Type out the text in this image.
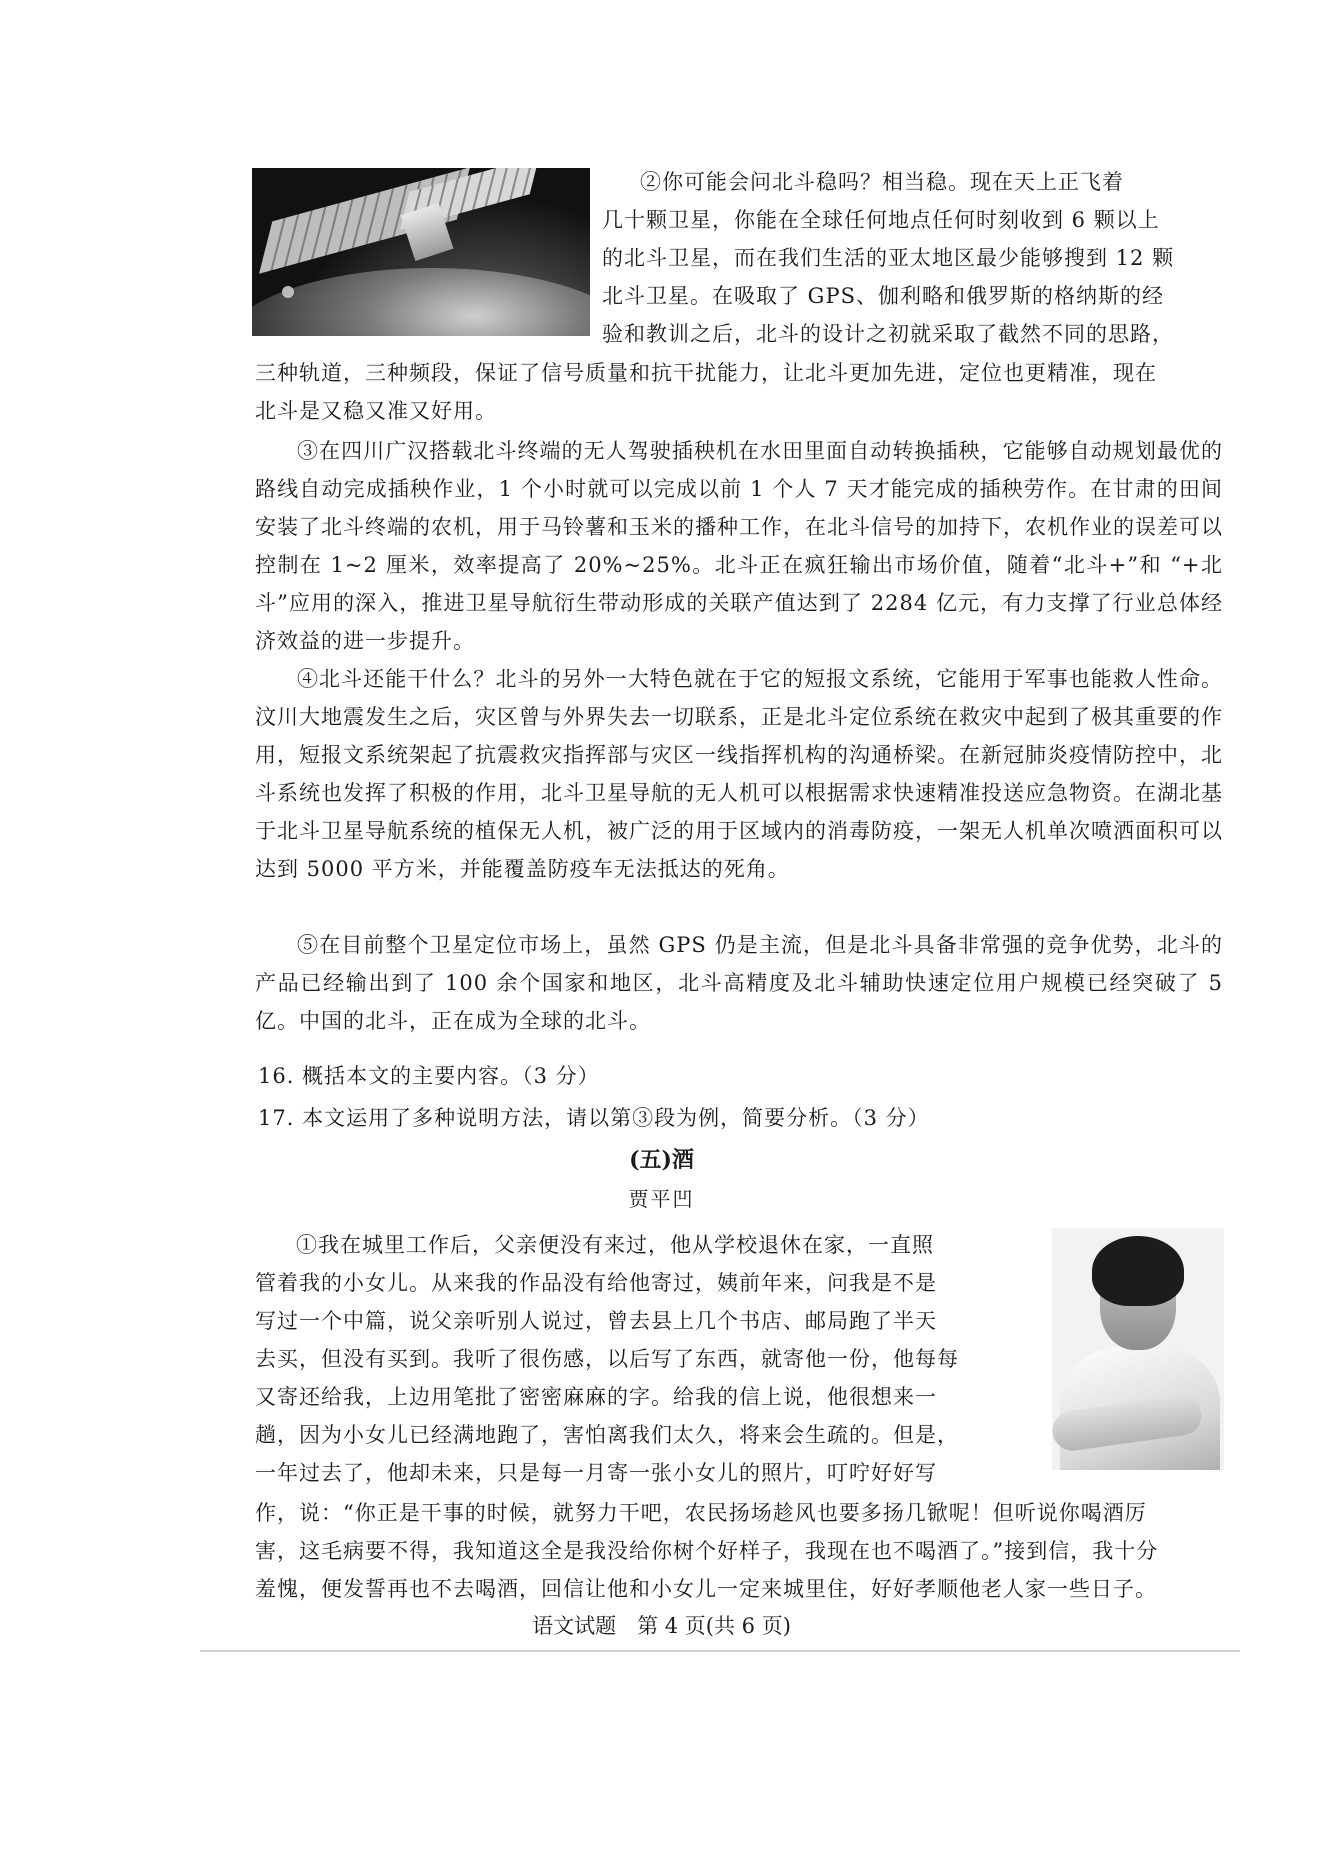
②你可能会问北斗稳吗？相当稳。现在天上正飞着
几十颗卫星，你能在全球任何地点任何时刻收到 6 颗以上
的北斗卫星，而在我们生活的亚太地区最少能够搜到 12 颗
北斗卫星。在吸取了 GPS、伽利略和俄罗斯的格纳斯的经
验和教训之后，北斗的设计之初就采取了截然不同的思路，
三种轨道，三种频段，保证了信号质量和抗干扰能力，让北斗更加先进，定位也更精准，现在
北斗是又稳又准又好用。

③在四川广汉搭载北斗终端的无人驾驶插秧机在水田里面自动转换插秧，它能够自动规划最优的路线自动完成插秧作业，1 个小时就可以完成以前 1 个人 7 天才能完成的插秧劳作。在甘肃的田间安装了北斗终端的农机，用于马铃薯和玉米的播种工作，在北斗信号的加持下，农机作业的误差可以控制在 1~2 厘米，效率提高了 20%~25%。北斗正在疯狂输出市场价值，随着“北斗+”和 “+北斗”应用的深入，推进卫星导航衍生带动形成的关联产值达到了 2284 亿元，有力支撑了行业总体经济效益的进一步提升。

④北斗还能干什么？北斗的另外一大特色就在于它的短报文系统，它能用于军事也能救人性命。汶川大地震发生之后，灾区曾与外界失去一切联系，正是北斗定位系统在救灾中起到了极其重要的作用，短报文系统架起了抗震救灾指挥部与灾区一线指挥机构的沟通桥梁。在新冠肺炎疫情防控中，北斗系统也发挥了积极的作用，北斗卫星导航的无人机可以根据需求快速精准投送应急物资。在湖北基于北斗卫星导航系统的植保无人机，被广泛的用于区域内的消毒防疫，一架无人机单次喷洒面积可以达到 5000 平方米，并能覆盖防疫车无法抵达的死角。

⑤在目前整个卫星定位市场上，虽然 GPS 仍是主流，但是北斗具备非常强的竞争优势，北斗的产品已经输出到了 100 余个国家和地区，北斗高精度及北斗辅助快速定位用户规模已经突破了 5 亿。中国的北斗，正在成为全球的北斗。

16. 概括本文的主要内容。（3 分）
17. 本文运用了多种说明方法，请以第③段为例，简要分析。（3 分）
(五)酒
贾平凹
①我在城里工作后，父亲便没有来过，他从学校退休在家，一直照
管着我的小女儿。从来我的作品没有给他寄过，姨前年来，问我是不是
写过一个中篇，说父亲听别人说过，曾去县上几个书店、邮局跑了半天
去买，但没有买到。我听了很伤感，以后写了东西，就寄他一份，他每每
又寄还给我，上边用笔批了密密麻麻的字。给我的信上说，他很想来一
趟，因为小女儿已经满地跑了，害怕离我们太久，将来会生疏的。但是，
一年过去了，他却未来，只是每一月寄一张小女儿的照片，叮咛好好写
作，说：“你正是干事的时候，就努力干吧，农民扬场趁风也要多扬几锨呢！但听说你喝酒厉
害，这毛病要不得，我知道这全是我没给你树个好样子，我现在也不喝酒了。”接到信，我十分
羞愧，便发誓再也不去喝酒，回信让他和小女儿一定来城里住，好好孝顺他老人家一些日子。
语文试题　第 4 页(共 6 页)
